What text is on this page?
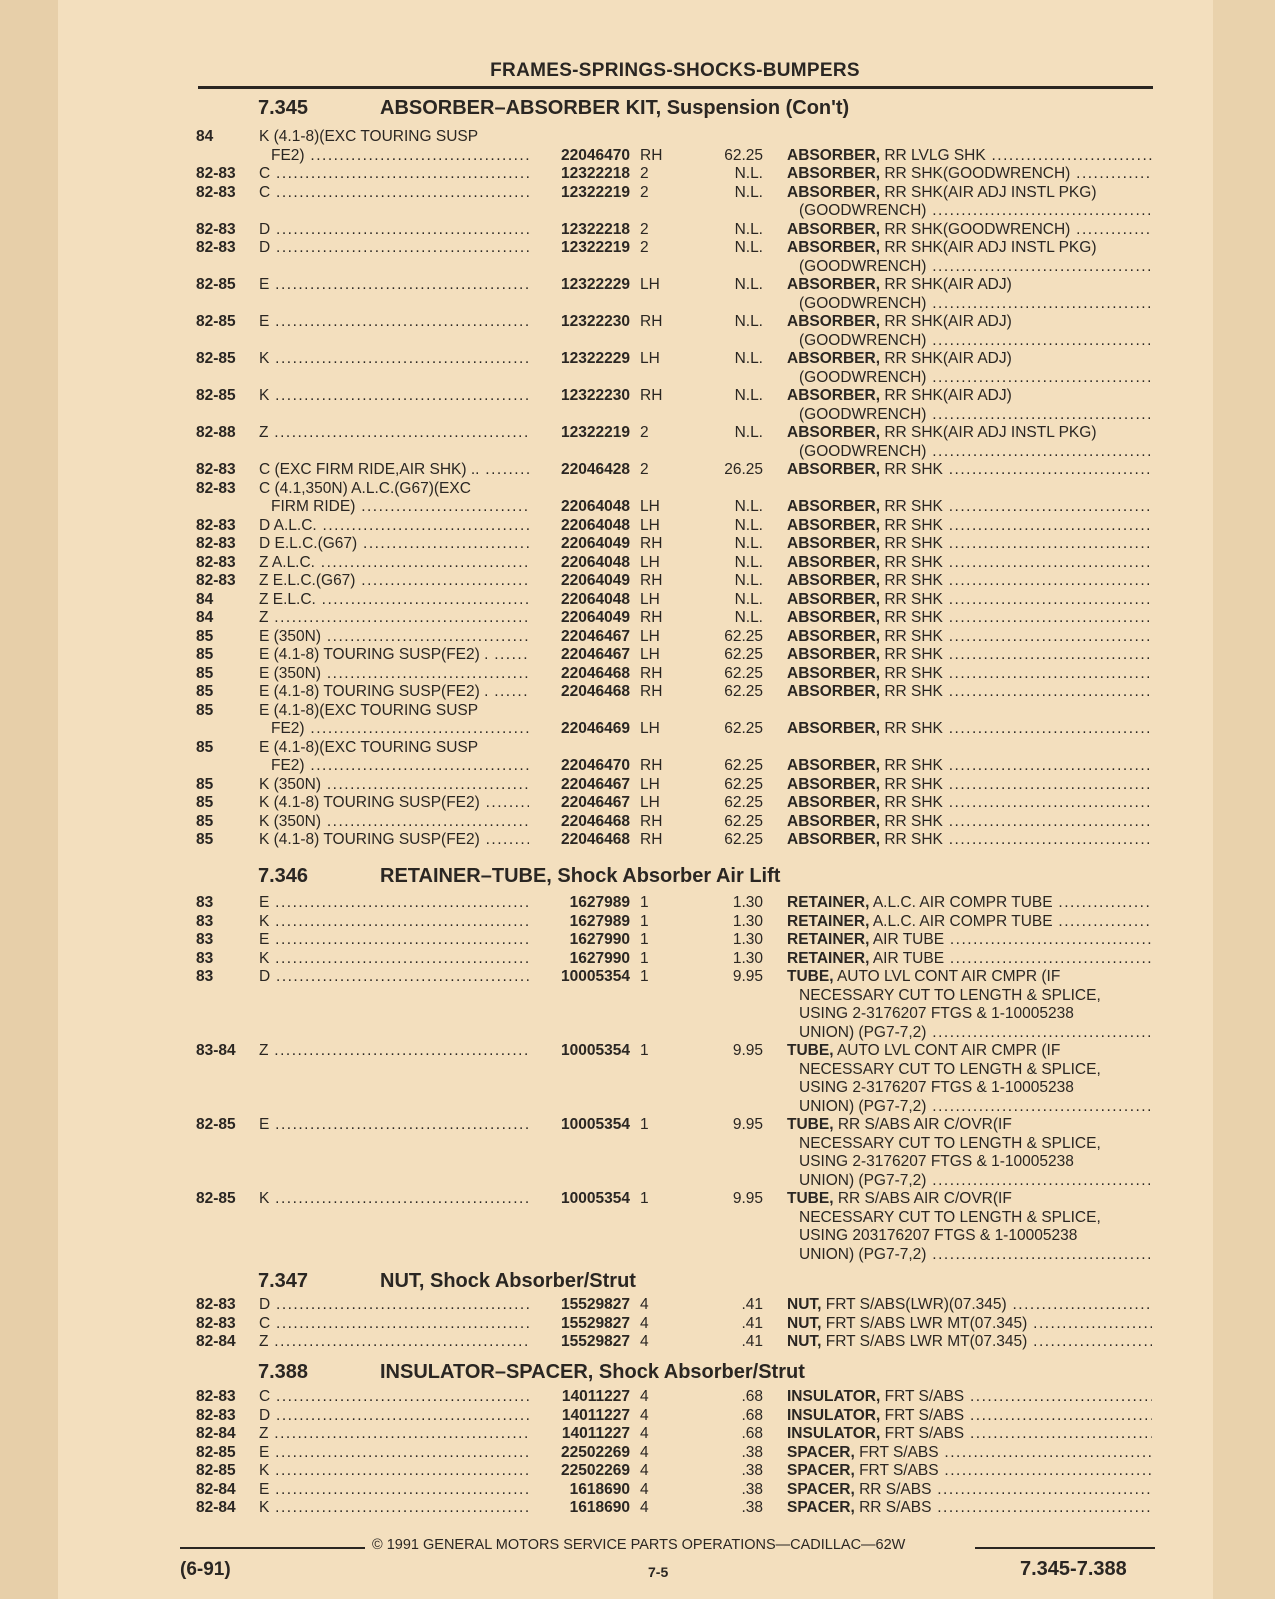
FRAMES-SPRINGS-SHOCKS-BUMPERS
7.345	ABSORBER–ABSORBER KIT, Suspension (Con't)
84	K (4.1-8)(EXC TOURING SUSP
FE2) .....	22046470 RH	62.25 ABSORBER, RR LVLG SHK .....
82-83 C .....	12322218 2	N.L. ABSORBER, RR SHK(GOODWRENCH) .....
82-83 C .....	12322219 2	N.L. ABSORBER, RR SHK(AIR ADJ INSTL PKG)
(GOODWRENCH) .....
82-83 D .....	12322218 2	N.L. ABSORBER, RR SHK(GOODWRENCH) .....
82-83 D .....	12322219 2	N.L. ABSORBER, RR SHK(AIR ADJ INSTL PKG)
(GOODWRENCH) .....
82-85 E .....	12322229 LH	N.L. ABSORBER, RR SHK(AIR ADJ)
(GOODWRENCH) .....
82-85 E .....	12322230 RH	N.L. ABSORBER, RR SHK(AIR ADJ)
(GOODWRENCH) .....
82-85 K .....	12322229 LH	N.L. ABSORBER, RR SHK(AIR ADJ)
(GOODWRENCH) .....
82-85 K .....	12322230 RH	N.L. ABSORBER, RR SHK(AIR ADJ)
(GOODWRENCH) .....
82-88 Z .....	12322219 2	N.L. ABSORBER, RR SHK(AIR ADJ INSTL PKG)
(GOODWRENCH) .....
82-83 C (EXC FIRM RIDE,AIR SHK) .. .....	22046428 2	26.25 ABSORBER, RR SHK .....
82-83 C (4.1,350N) A.L.C.(G67)(EXC
FIRM RIDE) .....	22064048 LH	N.L. ABSORBER, RR SHK .....
82-83 D A.L.C. .....	22064048 LH	N.L. ABSORBER, RR SHK .....
82-83 D E.L.C.(G67) .....	22064049 RH	N.L. ABSORBER, RR SHK .....
82-83 Z A.L.C. .....	22064048 LH	N.L. ABSORBER, RR SHK .....
82-83 Z E.L.C.(G67) .....	22064049 RH	N.L. ABSORBER, RR SHK .....
84	Z E.L.C. .....	22064048 LH	N.L. ABSORBER, RR SHK .....
84	Z .....	22064049 RH	N.L. ABSORBER, RR SHK .....
85	E (350N) .....	22046467 LH	62.25 ABSORBER, RR SHK .....
85	E (4.1-8) TOURING SUSP(FE2) . .....	22046467 LH	62.25 ABSORBER, RR SHK .....
85	E (350N) .....	22046468 RH	62.25 ABSORBER, RR SHK .....
85	E (4.1-8) TOURING SUSP(FE2) . .....	22046468 RH	62.25 ABSORBER, RR SHK .....
85	E (4.1-8)(EXC TOURING SUSP
FE2) .....	22046469 LH	62.25 ABSORBER, RR SHK .....
85	E (4.1-8)(EXC TOURING SUSP
FE2) .....	22046470 RH	62.25 ABSORBER, RR SHK .....
85	K (350N) .....	22046467 LH	62.25 ABSORBER, RR SHK .....
85	K (4.1-8) TOURING SUSP(FE2) .....	22046467 LH	62.25 ABSORBER, RR SHK .....
85	K (350N) .....	22046468 RH	62.25 ABSORBER, RR SHK .....
85	K (4.1-8) TOURING SUSP(FE2) .....	22046468 RH	62.25 ABSORBER, RR SHK .....
7.346	RETAINER–TUBE, Shock Absorber Air Lift
83	E .....	1627989 1	1.30 RETAINER, A.L.C. AIR COMPR TUBE .....
83	K .....	1627989 1	1.30 RETAINER, A.L.C. AIR COMPR TUBE .....
83	E .....	1627990 1	1.30 RETAINER, AIR TUBE .....
83	K .....	1627990 1	1.30 RETAINER, AIR TUBE .....
83	D .....	10005354 1	9.95 TUBE, AUTO LVL CONT AIR CMPR (IF
NECESSARY CUT TO LENGTH & SPLICE,
USING 2-3176207 FTGS & 1-10005238
UNION) (PG7-7,2) .....
83-84 Z .....	10005354 1	9.95 TUBE, AUTO LVL CONT AIR CMPR (IF
NECESSARY CUT TO LENGTH & SPLICE,
USING 2-3176207 FTGS & 1-10005238
UNION) (PG7-7,2) .....
82-85 E .....	10005354 1	9.95 TUBE, RR S/ABS AIR C/OVR(IF
NECESSARY CUT TO LENGTH & SPLICE,
USING 2-3176207 FTGS & 1-10005238
UNION) (PG7-7,2) .....
82-85 K .....	10005354 1	9.95 TUBE, RR S/ABS AIR C/OVR(IF
NECESSARY CUT TO LENGTH & SPLICE,
USING 203176207 FTGS & 1-10005238
UNION) (PG7-7,2) .....
7.347	NUT, Shock Absorber/Strut
82-83 D .....	15529827 4	.41 NUT, FRT S/ABS(LWR)(07.345) .....
82-83 C .....	15529827 4	.41 NUT, FRT S/ABS LWR MT(07.345) .....
82-84 Z .....	15529827 4	.41 NUT, FRT S/ABS LWR MT(07.345) .....
7.388	INSULATOR–SPACER, Shock Absorber/Strut
82-83 C .....	14011227 4	.68 INSULATOR, FRT S/ABS .....
82-83 D .....	14011227 4	.68 INSULATOR, FRT S/ABS .....
82-84 Z .....	14011227 4	.68 INSULATOR, FRT S/ABS .....
82-85 E .....	22502269 4	.38 SPACER, FRT S/ABS .....
82-85 K .....	22502269 4	.38 SPACER, FRT S/ABS .....
82-84 E .....	1618690 4	.38 SPACER, RR S/ABS .....
82-84 K .....	1618690 4	.38 SPACER, RR S/ABS .....
© 1991 GENERAL MOTORS SERVICE PARTS OPERATIONS—CADILLAC—62W
(6-91)	7-5	7.345-7.388
